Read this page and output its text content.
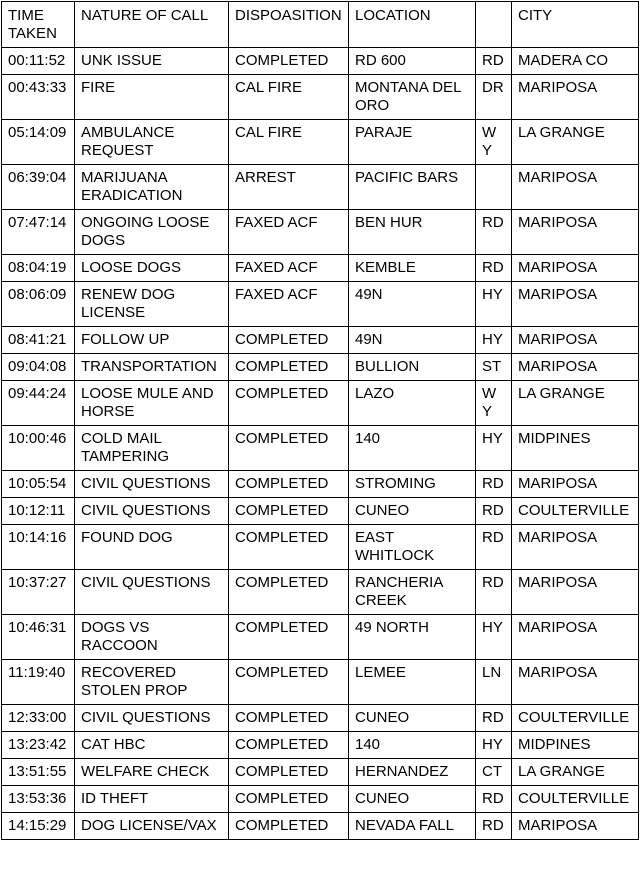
TIME TAKEN	NATURE OF CALL	DISPOASITION	LOCATION		CITY
00:11:52	UNK ISSUE	COMPLETED	RD 600	RD	MADERA CO
00:43:33	FIRE	CAL FIRE	MONTANA DEL ORO	DR	MARIPOSA
05:14:09	AMBULANCE REQUEST	CAL FIRE	PARAJE	WY	LA GRANGE
06:39:04	MARIJUANA ERADICATION	ARREST	PACIFIC BARS		MARIPOSA
07:47:14	ONGOING LOOSE DOGS	FAXED ACF	BEN HUR	RD	MARIPOSA
08:04:19	LOOSE DOGS	FAXED ACF	KEMBLE	RD	MARIPOSA
08:06:09	RENEW DOG LICENSE	FAXED ACF	49N	HY	MARIPOSA
08:41:21	FOLLOW UP	COMPLETED	49N	HY	MARIPOSA
09:04:08	TRANSPORTATION	COMPLETED	BULLION	ST	MARIPOSA
09:44:24	LOOSE MULE AND HORSE	COMPLETED	LAZO	WY	LA GRANGE
10:00:46	COLD MAIL TAMPERING	COMPLETED	140	HY	MIDPINES
10:05:54	CIVIL QUESTIONS	COMPLETED	STROMING	RD	MARIPOSA
10:12:11	CIVIL QUESTIONS	COMPLETED	CUNEO	RD	COULTERVILLE
10:14:16	FOUND DOG	COMPLETED	EAST WHITLOCK	RD	MARIPOSA
10:37:27	CIVIL QUESTIONS	COMPLETED	RANCHERIA CREEK	RD	MARIPOSA
10:46:31	DOGS VS RACCOON	COMPLETED	49 NORTH	HY	MARIPOSA
11:19:40	RECOVERED STOLEN PROP	COMPLETED	LEMEE	LN	MARIPOSA
12:33:00	CIVIL QUESTIONS	COMPLETED	CUNEO	RD	COULTERVILLE
13:23:42	CAT HBC	COMPLETED	140	HY	MIDPINES
13:51:55	WELFARE CHECK	COMPLETED	HERNANDEZ	CT	LA GRANGE
13:53:36	ID THEFT	COMPLETED	CUNEO	RD	COULTERVILLE
14:15:29	DOG LICENSE/VAX	COMPLETED	NEVADA FALL	RD	MARIPOSA
